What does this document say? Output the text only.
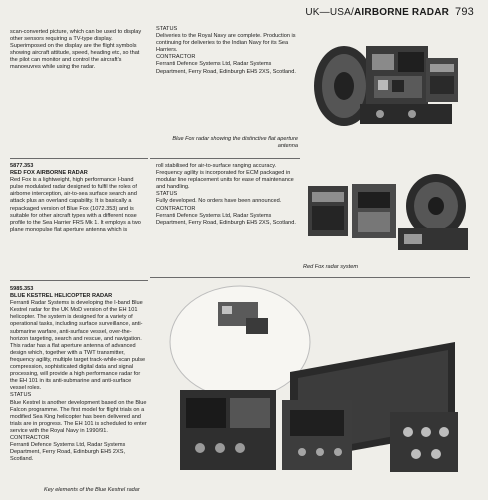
UK—USA/AIRBORNE RADAR 793

scan-converted picture, which can be used to display other sensors requiring a TV-type display. Superimposed on the display are the flight symbols showing aircraft attitude, speed, heading etc, so that the pilot can monitor and control the aircraft's manoeuvres while using the radar.

STATUS

Deliveries to the Royal Navy are complete. Production is continuing for deliveries to the Indian Navy for its Sea Harriers.

CONTRACTOR

Ferranti Defence Systems Ltd, Radar Systems Department, Ferry Road, Edinburgh EH5 2XS, Scotland.

Blue Fox radar showing the distinctive flat aperture

antenna

5877.353

RED FOX AIRBORNE RADAR

Red Fox is a lightweight, high performance I-band pulse modulated radar designed to fulfil the roles of airborne interception, air-to-sea surface search and attack plus an overland capability. It is basically a repackaged version of Blue Fox (1072.353) and is suitable for other aircraft types with a different nose profile to the Sea Harrier FRS Mk 1. It employs a two plane monopulse flat aperture antenna which is

roll stabilised for air-to-surface ranging accuracy. Frequency agility is incorporated for ECM packaged in modular line replacement units for ease of maintenance and handling.

STATUS

Fully developed. No orders have been announced.

CONTRACTOR

Ferranti Defence Systems Ltd, Radar Systems Department, Ferry Road, Edinburgh EH5 2XS, Scotland.

Red Fox radar system

5985.353

BLUE KESTREL HELICOPTER RADAR

Ferranti Radar Systems is developing the I-band Blue Kestrel radar for the UK MoD version of the EH 101 helicopter. The system is designed for a variety of operational tasks, including surface surveillance, anti-submarine warfare, anti-surface vessel, over-the-horizon targeting, search and rescue, and navigation. This radar has a flat aperture antenna of advanced design which, together with a TWT transmitter, frequency agility, multiple target track-while-scan pulse compression, sophisticated digital data and signal processing, will provide a high performance radar for the EH 101 in its anti-submarine and anti-surface vessel roles.

STATUS

Blue Kestrel is another development based on the Blue Falcon programme. The first model for flight trials on a modified Sea King helicopter has been delivered and trials are in progress. The EH 101 is scheduled to enter service with the Royal Navy in 1990/91.

CONTRACTOR

Ferranti Defence Systems Ltd, Radar Systems Department, Ferry Road, Edinburgh EH5 2XS, Scotland.

Key elements of the Blue Kestrel radar
